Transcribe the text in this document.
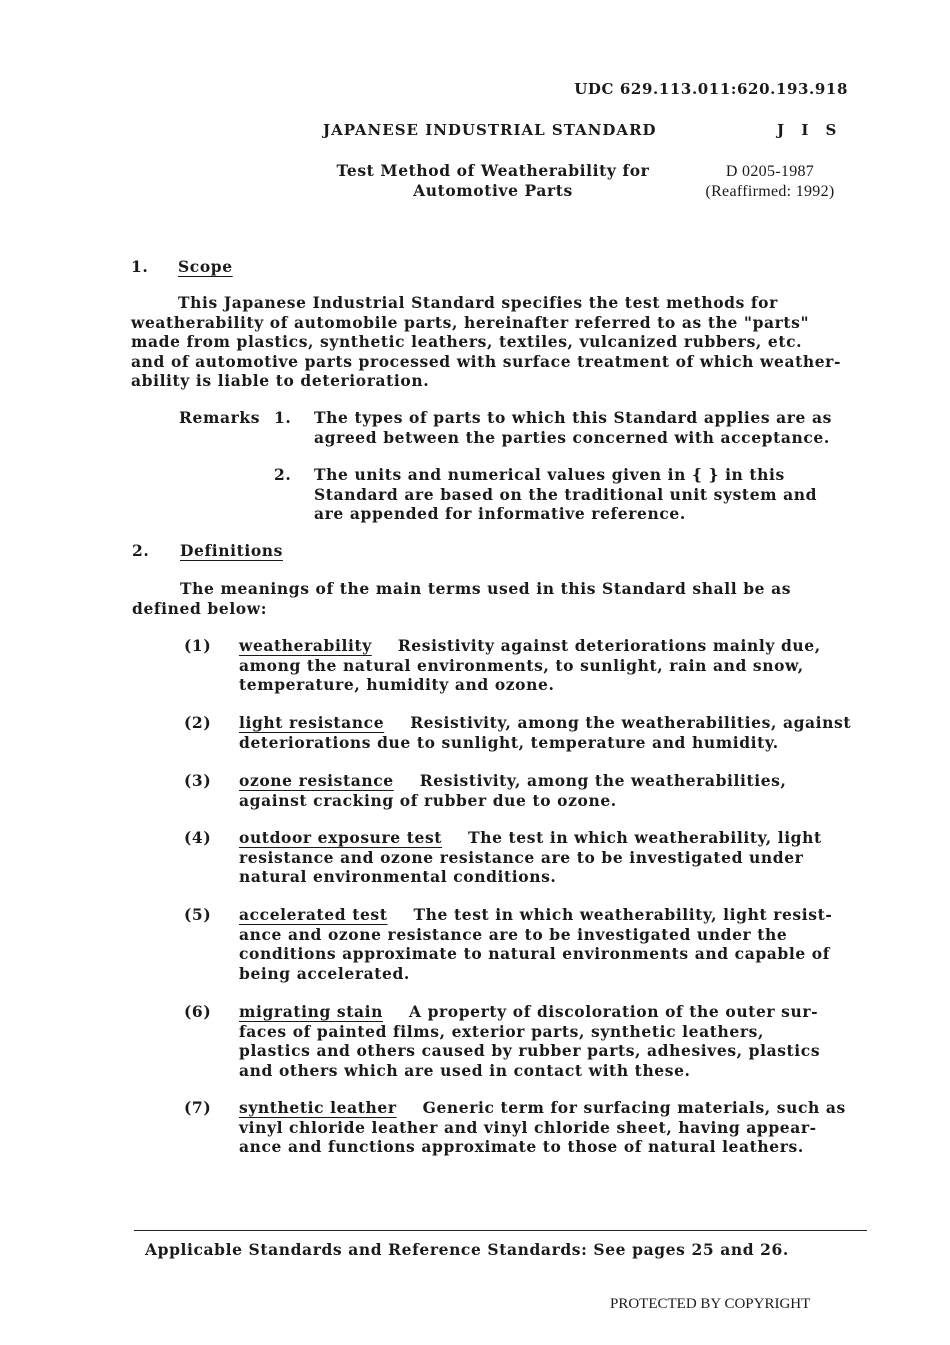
UDC 629.113.011:620.193.918
JAPANESE INDUSTRIAL STANDARD	J I S
Test Method of Weatherability for
Automotive Parts
D 0205-1987
(Reaffirmed: 1992)
1. Scope
This Japanese Industrial Standard specifies the test methods for
weatherability of automobile parts, hereinafter referred to as the "parts"
made from plastics, synthetic leathers, textiles, vulcanized rubbers, etc.
and of automotive parts processed with surface treatment of which weather-
ability is liable to deterioration.
Remarks 1. The types of parts to which this Standard applies are as
agreed between the parties concerned with acceptance.
2. The units and numerical values given in { } in this
Standard are based on the traditional unit system and
are appended for informative reference.
2. Definitions
The meanings of the main terms used in this Standard shall be as
defined below:
(1) weatherability Resistivity against deteriorations mainly due,
among the natural environments, to sunlight, rain and snow,
temperature, humidity and ozone.
(2) light resistance Resistivity, among the weatherabilities, against
deteriorations due to sunlight, temperature and humidity.
(3) ozone resistance Resistivity, among the weatherabilities,
against cracking of rubber due to ozone.
(4) outdoor exposure test The test in which weatherability, light
resistance and ozone resistance are to be investigated under
natural environmental conditions.
(5) accelerated test The test in which weatherability, light resist-
ance and ozone resistance are to be investigated under the
conditions approximate to natural environments and capable of
being accelerated.
(6) migrating stain A property of discoloration of the outer sur-
faces of painted films, exterior parts, synthetic leathers,
plastics and others caused by rubber parts, adhesives, plastics
and others which are used in contact with these.
(7) synthetic leather Generic term for surfacing materials, such as
vinyl chloride leather and vinyl chloride sheet, having appear-
ance and functions approximate to those of natural leathers.
Applicable Standards and Reference Standards: See pages 25 and 26.
PROTECTED BY COPYRIGHT
